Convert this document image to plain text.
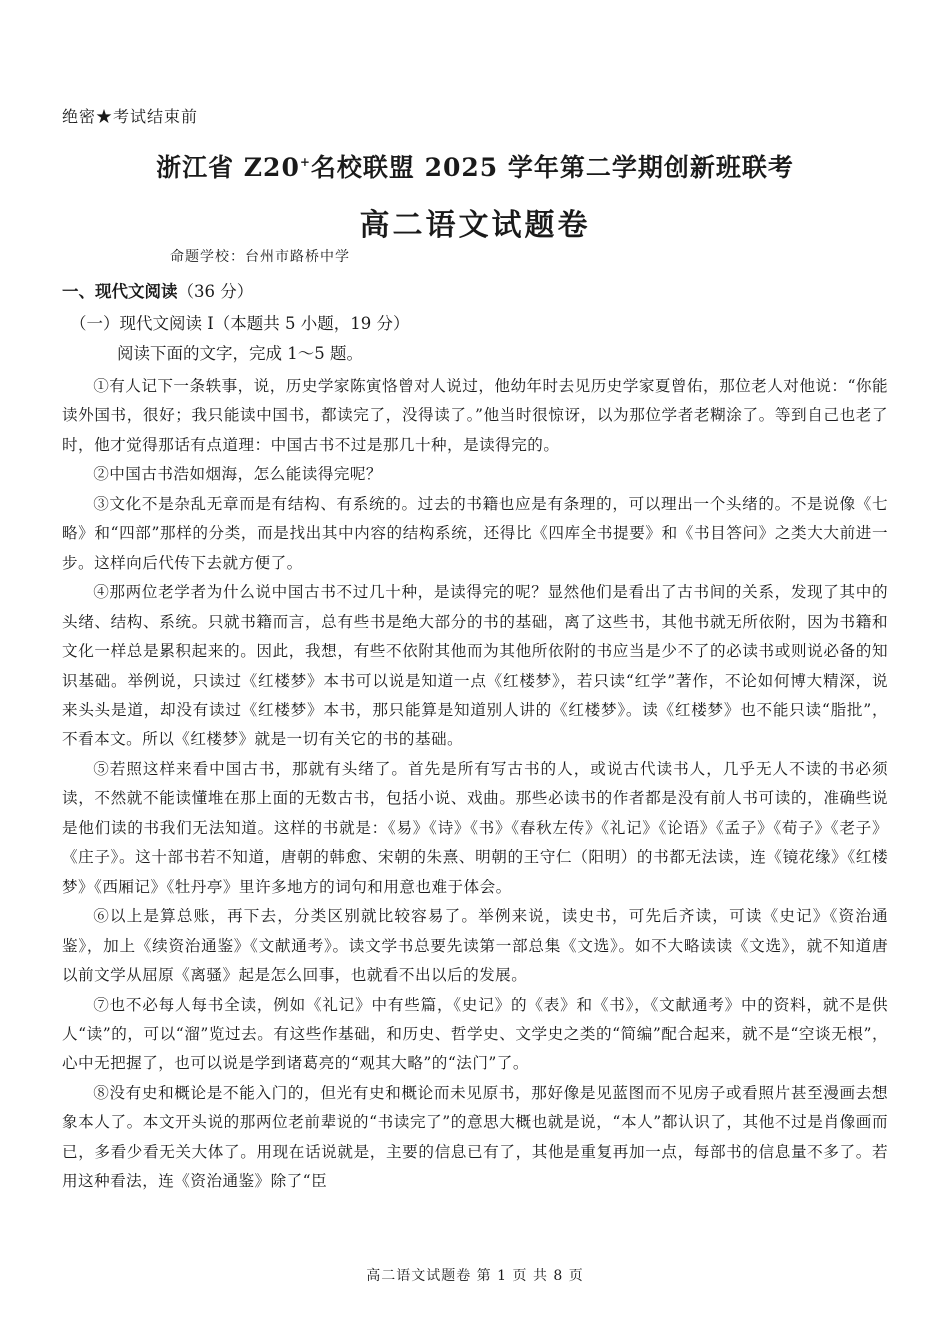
绝密★考试结束前
浙江省 Z20+名校联盟 2025 学年第二学期创新班联考
高二语文试题卷
命题学校：台州市路桥中学
一、现代文阅读（36 分）
（一）现代文阅读 I（本题共 5 小题，19 分）
阅读下面的文字，完成 1～5 题。

①有人记下一条轶事，说，历史学家陈寅恪曾对人说过，他幼年时去见历史学家夏曾佑，那位老人对他说：“你能读外国书，很好；我只能读中国书，都读完了，没得读了。”他当时很惊讶，以为那位学者老糊涂了。等到自己也老了时，他才觉得那话有点道理：中国古书不过是那几十种，是读得完的。

②中国古书浩如烟海，怎么能读得完呢？

③文化不是杂乱无章而是有结构、有系统的。过去的书籍也应是有条理的，可以理出一个头绪的。不是说像《七略》和“四部”那样的分类，而是找出其中内容的结构系统，还得比《四库全书提要》和《书目答问》之类大大前进一步。这样向后代传下去就方便了。

④那两位老学者为什么说中国古书不过几十种，是读得完的呢？显然他们是看出了古书间的关系，发现了其中的头绪、结构、系统。只就书籍而言，总有些书是绝大部分的书的基础，离了这些书，其他书就无所依附，因为书籍和文化一样总是累积起来的。因此，我想，有些不依附其他而为其他所依附的书应当是少不了的必读书或则说必备的知识基础。举例说，只读过《红楼梦》本书可以说是知道一点《红楼梦》，若只读“红学”著作，不论如何博大精深，说来头头是道，却没有读过《红楼梦》本书，那只能算是知道别人讲的《红楼梦》。读《红楼梦》也不能只读“脂批”，不看本文。所以《红楼梦》就是一切有关它的书的基础。

⑤若照这样来看中国古书，那就有头绪了。首先是所有写古书的人，或说古代读书人，几乎无人不读的书必须读，不然就不能读懂堆在那上面的无数古书，包括小说、戏曲。那些必读书的作者都是没有前人书可读的，准确些说是他们读的书我们无法知道。这样的书就是：《易》《诗》《书》《春秋左传》《礼记》《论语》《孟子》《荀子》《老子》《庄子》。这十部书若不知道，唐朝的韩愈、宋朝的朱熹、明朝的王守仁（阳明）的书都无法读，连《镜花缘》《红楼梦》《西厢记》《牡丹亭》里许多地方的词句和用意也难于体会。

⑥以上是算总账，再下去，分类区别就比较容易了。举例来说，读史书，可先后齐读，可读《史记》《资治通鉴》，加上《续资治通鉴》《文献通考》。读文学书总要先读第一部总集《文选》。如不大略读读《文选》，就不知道唐以前文学从屈原《离骚》起是怎么回事，也就看不出以后的发展。

⑦也不必每人每书全读，例如《礼记》中有些篇，《史记》的《表》和《书》，《文献通考》中的资料，就不是供人“读”的，可以“溜”览过去。有这些作基础，和历史、哲学史、文学史之类的“简编”配合起来，就不是“空谈无根”，心中无把握了，也可以说是学到诸葛亮的“观其大略”的“法门”了。

⑧没有史和概论是不能入门的，但光有史和概论而未见原书，那好像是见蓝图而不见房子或看照片甚至漫画去想象本人了。本文开头说的那两位老前辈说的“书读完了”的意思大概也就是说，“本人”都认识了，其他不过是肖像画而已，多看少看无关大体了。用现在话说就是，主要的信息已有了，其他是重复再加一点，每部书的信息量不多了。若用这种看法，连《资治通鉴》除了“臣

高二语文试题卷 第 1 页 共 8 页
